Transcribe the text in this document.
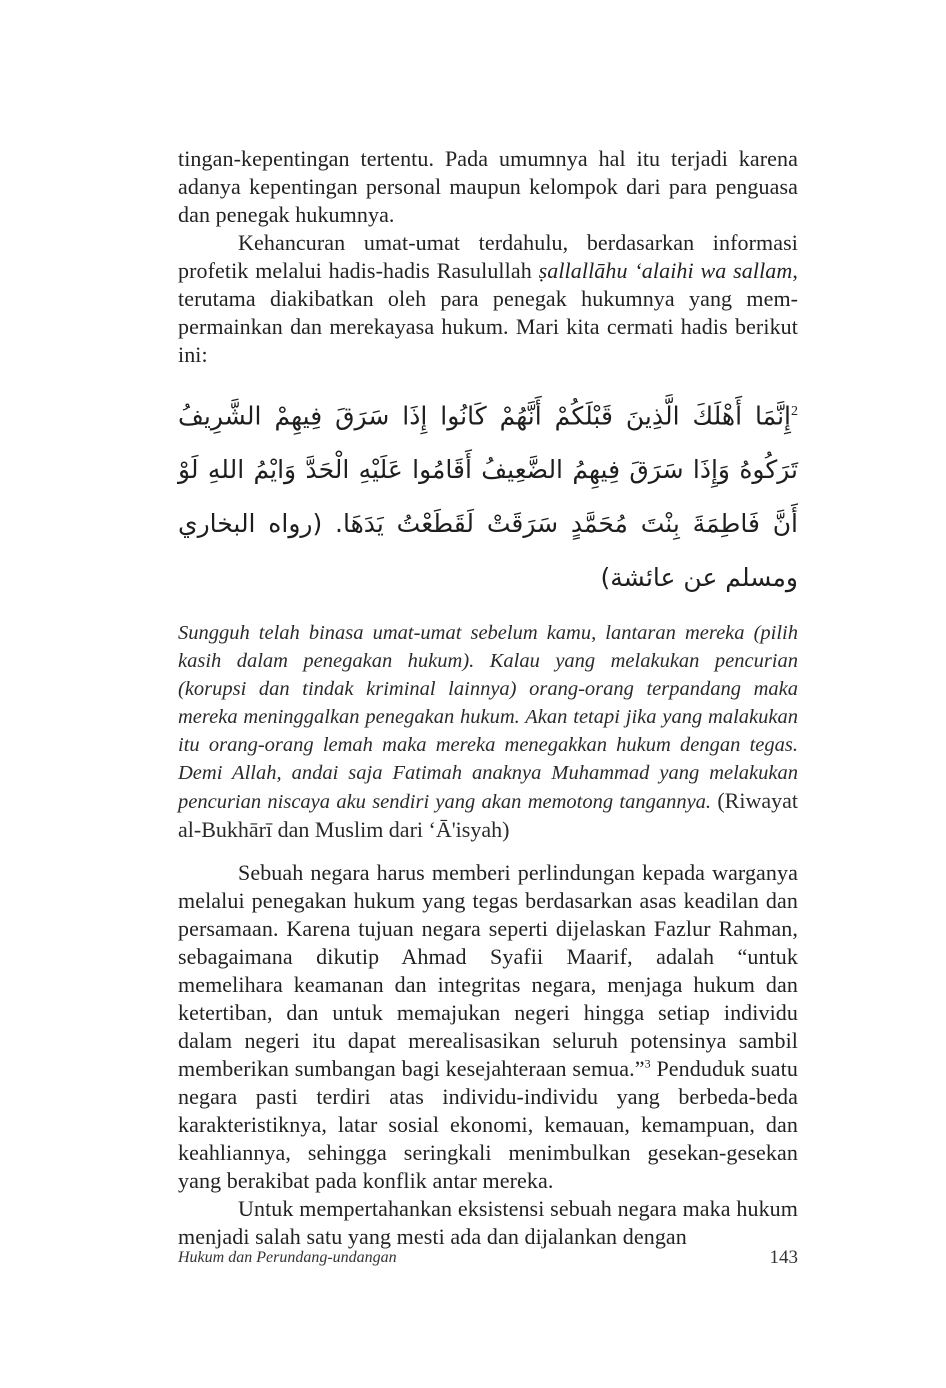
tingan-kepentingan tertentu. Pada umumnya hal itu terjadi karena adanya kepentingan personal maupun kelompok dari para penguasa dan penegak hukumnya.

Kehancuran umat-umat terdahulu, berdasarkan informasi profetik melalui hadis-hadis Rasulullah ṣallallāhu ‘alaihi wa sallam, terutama diakibatkan oleh para penegak hukumnya yang mempermainkan dan merekayasa hukum. Mari kita cermati hadis berikut ini:

$^2$إِنَّمَا أَهْلَكَ الَّذِينَ قَبْلَكُمْ أَنَّهُمْ كَانُوا إِذَا سَرَقَ فِيهِمْ الشَّرِيفُ تَرَكُوهُ وَإِذَا سَرَقَ فِيهِمُ الضَّعِيفُ أَقَامُوا عَلَيْهِ الْحَدَّ وَايْمُ اللهِ لَوْ أَنَّ فَاطِمَةَ بِنْتَ مُحَمَّدٍ سَرَقَتْ لَقَطَعْتُ يَدَهَا. (رواه البخاري ومسلم عن عائشة)

Sungguh telah binasa umat-umat sebelum kamu, lantaran mereka (pilih kasih dalam penegakan hukum). Kalau yang melakukan pencurian (korupsi dan tindak kriminal lainnya) orang-orang terpandang maka mereka meninggalkan penegakan hukum. Akan tetapi jika yang malakukan itu orang-orang lemah maka mereka menegakkan hukum dengan tegas. Demi Allah, andai saja Fatimah anaknya Muhammad yang melakukan pencurian niscaya aku sendiri yang akan memotong tangannya. (Riwayat al-Bukhārī dan Muslim dari ‘Ā'isyah)

Sebuah negara harus memberi perlindungan kepada warganya melalui penegakan hukum yang tegas berdasarkan asas keadilan dan persamaan. Karena tujuan negara seperti dijelaskan Fazlur Rahman, sebagaimana dikutip Ahmad Syafii Maarif, adalah “untuk memelihara keamanan dan integritas negara, menjaga hukum dan ketertiban, dan untuk memajukan negeri hingga setiap individu dalam negeri itu dapat merealisasikan seluruh potensinya sambil memberikan sumbangan bagi kesejahteraan semua.”$^3$ Penduduk suatu negara pasti terdiri atas individu-individu yang berbeda-beda karakteristiknya, latar sosial ekonomi, kemauan, kemampuan, dan keahliannya, sehingga seringkali menimbulkan gesekan-gesekan yang berakibat pada konflik antar mereka.

Untuk mempertahankan eksistensi sebuah negara maka hukum menjadi salah satu yang mesti ada dan dijalankan dengan

Hukum dan Perundang-undangan	143
